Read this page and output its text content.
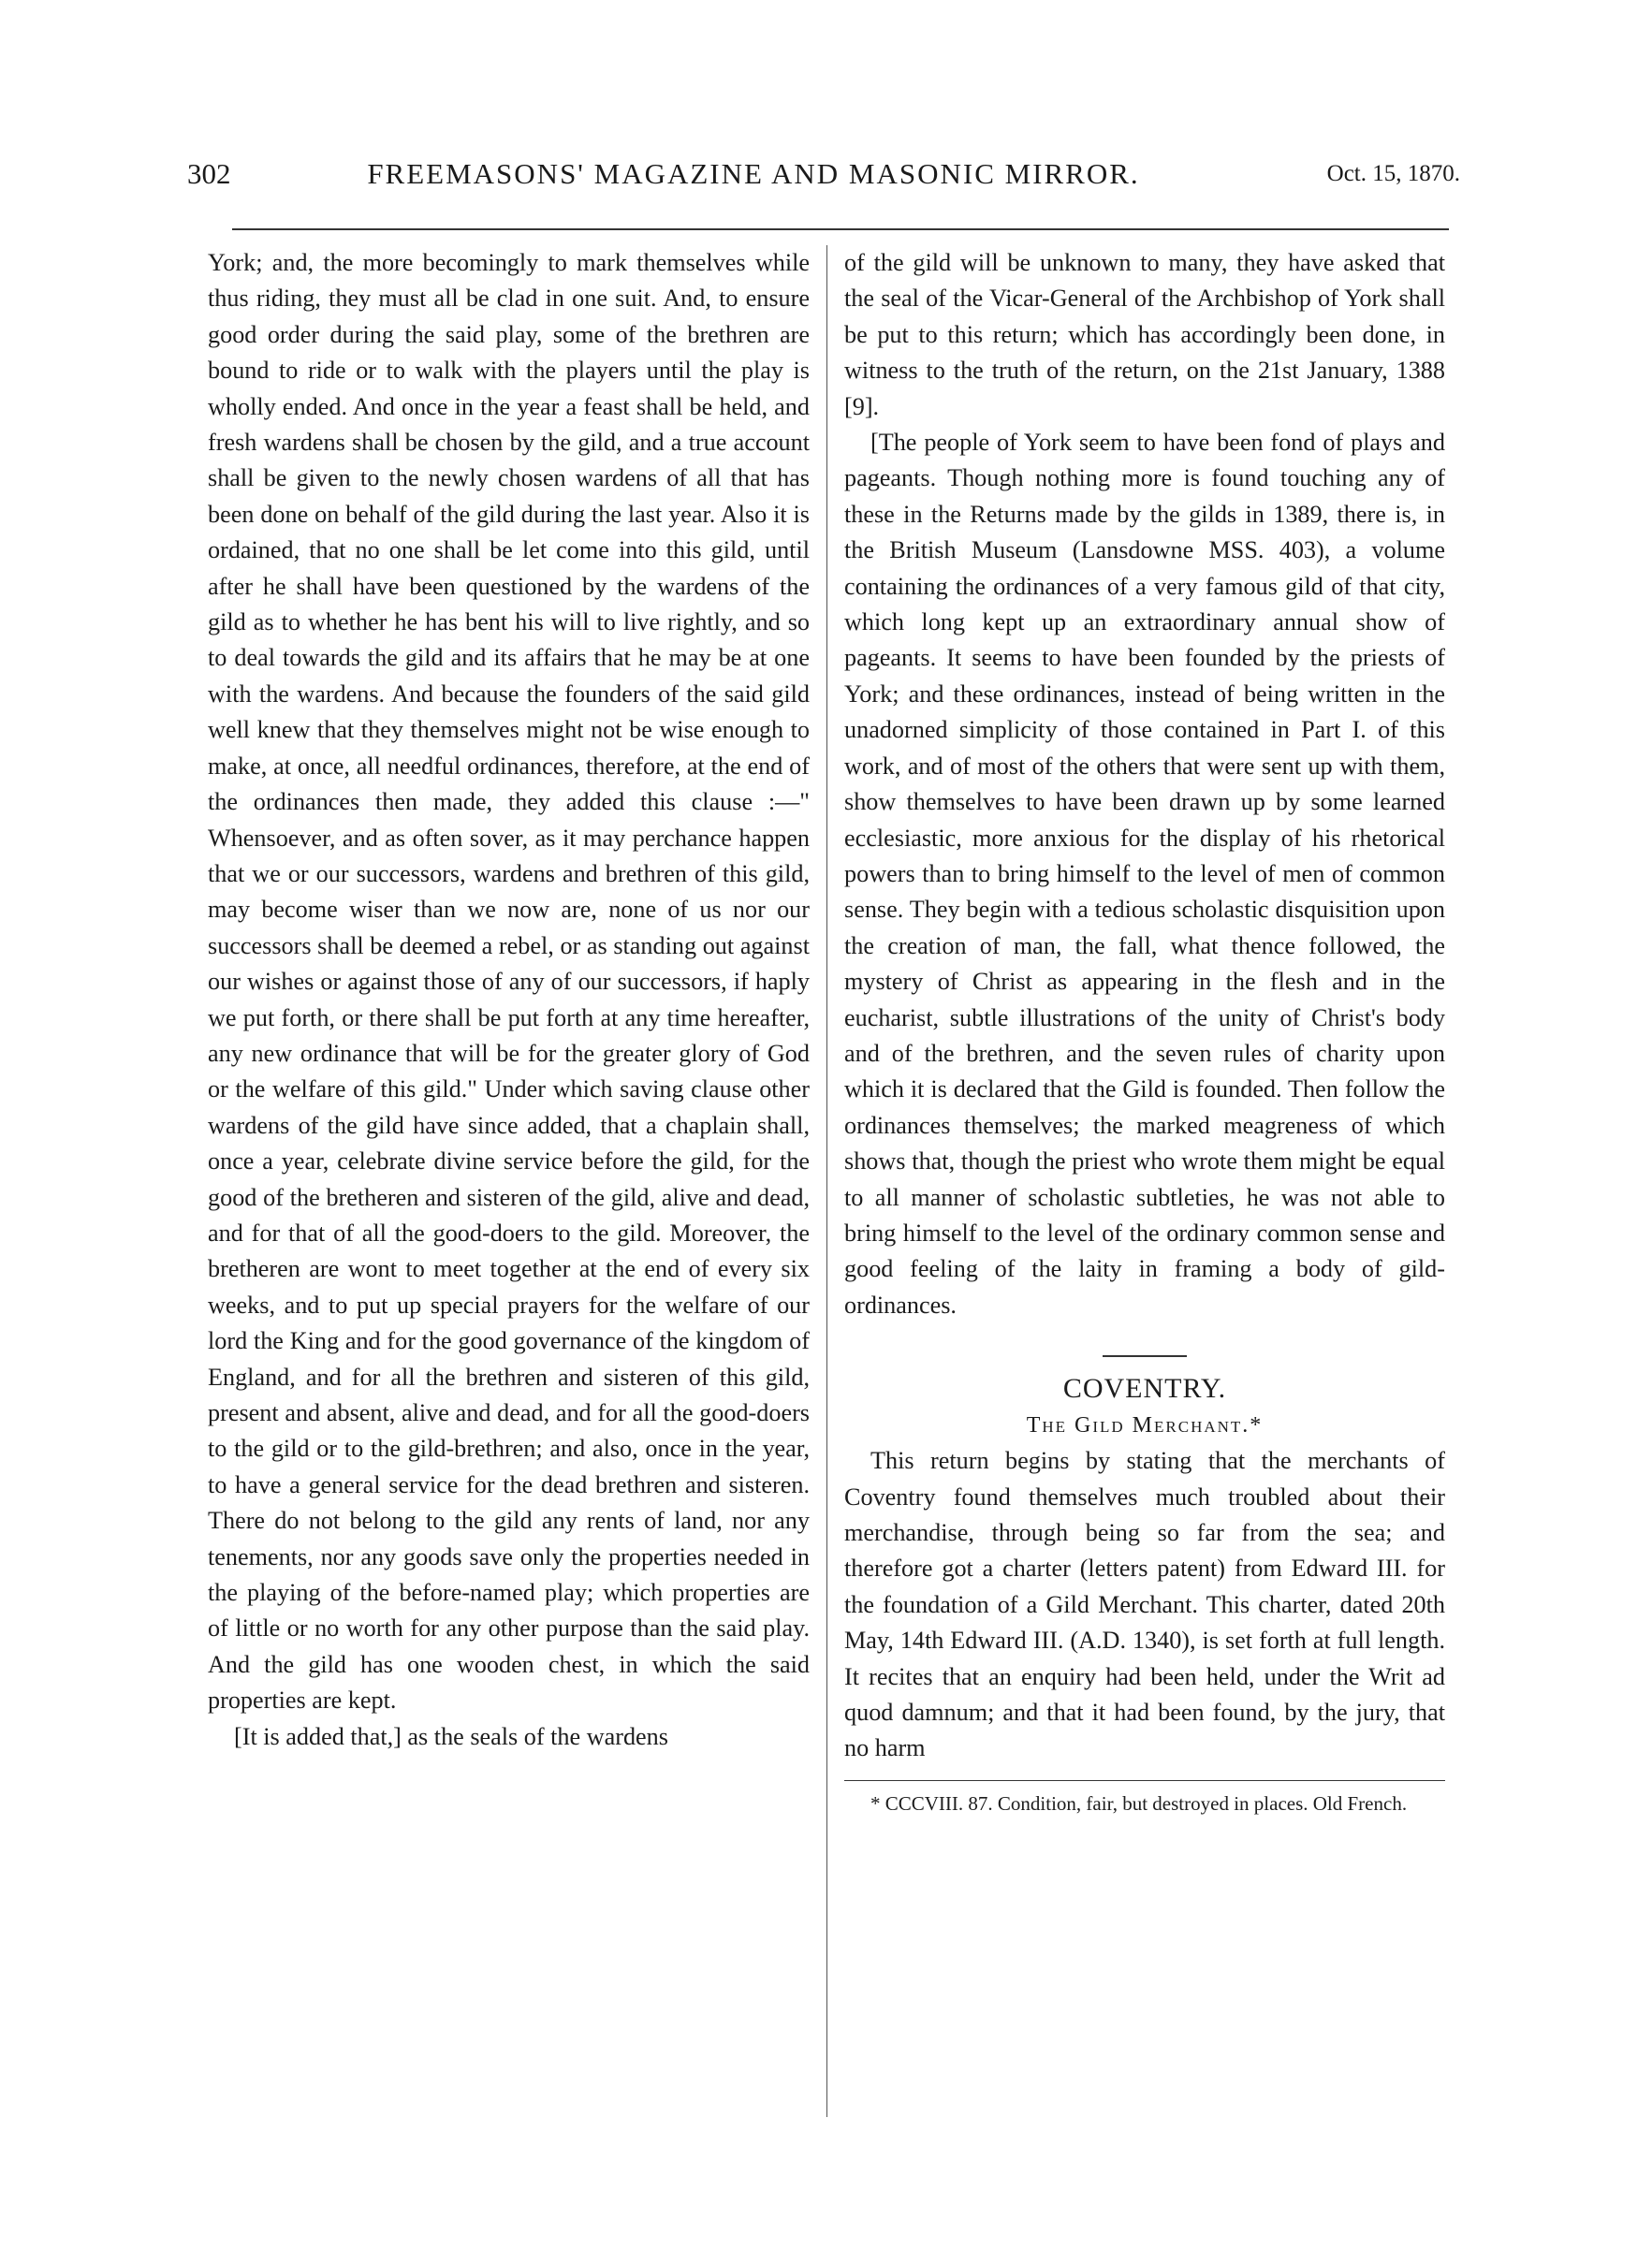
302	FREEMASONS' MAGAZINE AND MASONIC MIRROR.	Oct. 15, 1870.

York; and, the more becomingly to mark themselves while thus riding, they must all be clad in one suit. And, to ensure good order during the said play, some of the brethren are bound to ride or to walk with the players until the play is wholly ended. And once in the year a feast shall be held, and fresh wardens shall be chosen by the gild, and a true account shall be given to the newly chosen wardens of all that has been done on behalf of the gild during the last year. Also it is ordained, that no one shall be let come into this gild, until after he shall have been questioned by the wardens of the gild as to whether he has bent his will to live rightly, and so to deal towards the gild and its affairs that he may be at one with the wardens. And because the founders of the said gild well knew that they themselves might not be wise enough to make, at once, all needful ordinances, therefore, at the end of the ordinances then made, they added this clause :—" Whensoever, and as often sover, as it may perchance happen that we or our successors, wardens and brethren of this gild, may become wiser than we now are, none of us nor our successors shall be deemed a rebel, or as standing out against our wishes or against those of any of our successors, if haply we put forth, or there shall be put forth at any time hereafter, any new ordinance that will be for the greater glory of God or the welfare of this gild." Under which saving clause other wardens of the gild have since added, that a chaplain shall, once a year, celebrate divine service before the gild, for the good of the bretheren and sisteren of the gild, alive and dead, and for that of all the good-doers to the gild. Moreover, the bretheren are wont to meet together at the end of every six weeks, and to put up special prayers for the welfare of our lord the King and for the good governance of the kingdom of England, and for all the brethren and sisteren of this gild, present and absent, alive and dead, and for all the good-doers to the gild or to the gild-brethren; and also, once in the year, to have a general service for the dead brethren and sisteren. There do not belong to the gild any rents of land, nor any tenements, nor any goods save only the properties needed in the playing of the before-named play; which properties are of little or no worth for any other purpose than the said play. And the gild has one wooden chest, in which the said properties are kept.

[It is added that,] as the seals of the wardens

of the gild will be unknown to many, they have asked that the seal of the Vicar-General of the Archbishop of York shall be put to this return; which has accordingly been done, in witness to the truth of the return, on the 21st January, 1388 [9].

[The people of York seem to have been fond of plays and pageants. Though nothing more is found touching any of these in the Returns made by the gilds in 1389, there is, in the British Museum (Lansdowne MSS. 403), a volume containing the ordinances of a very famous gild of that city, which long kept up an extraordinary annual show of pageants. It seems to have been founded by the priests of York; and these ordinances, instead of being written in the unadorned simplicity of those contained in Part I. of this work, and of most of the others that were sent up with them, show themselves to have been drawn up by some learned ecclesiastic, more anxious for the display of his rhetorical powers than to bring himself to the level of men of common sense. They begin with a tedious scholastic disquisition upon the creation of man, the fall, what thence followed, the mystery of Christ as appearing in the flesh and in the eucharist, subtle illustrations of the unity of Christ's body and of the brethren, and the seven rules of charity upon which it is declared that the Gild is founded. Then follow the ordinances themselves; the marked meagreness of which shows that, though the priest who wrote them might be equal to all manner of scholastic subtleties, he was not able to bring himself to the level of the ordinary common sense and good feeling of the laity in framing a body of gild-ordinances.

COVENTRY.

The Gild Merchant.*

This return begins by stating that the merchants of Coventry found themselves much troubled about their merchandise, through being so far from the sea; and therefore got a charter (letters patent) from Edward III. for the foundation of a Gild Merchant. This charter, dated 20th May, 14th Edward III. (A.D. 1340), is set forth at full length. It recites that an enquiry had been held, under the Writ ad quod damnum; and that it had been found, by the jury, that no harm

* CCCVIII. 87. Condition, fair, but destroyed in places. Old French.
